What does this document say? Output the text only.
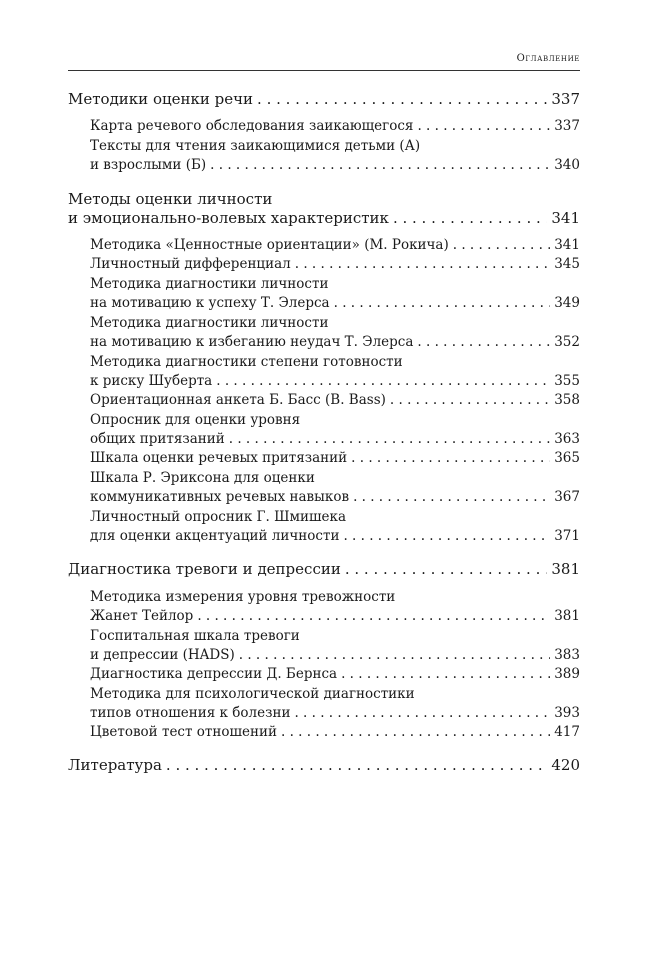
Оглавление
Методики оценки речи . . .	337
Карта речевого обследования заикающегося . . .	337
Тексты для чтения заикающимися детьми (А)
и взрослыми (Б) . . .	340
Методы оценки личности
и эмоционально-волевых характеристик . . .	341
Методика «Ценностные ориентации» (М. Рокича) . . .	341
Личностный дифференциал . . .	345
Методика диагностики личности
на мотивацию к успеху Т. Элерса . . .	349
Методика диагностики личности
на мотивацию к избеганию неудач Т. Элерса . . .	352
Методика диагностики степени готовности
к риску Шуберта . . .	355
Ориентационная анкета Б. Басс (B. Bass) . . .	358
Опросник для оценки уровня
общих притязаний . . .	363
Шкала оценки речевых притязаний . . .	365
Шкала Р. Эриксона для оценки
коммуникативных речевых навыков . . .	367
Личностный опросник Г. Шмишека
для оценки акцентуаций личности . . .	371
Диагностика тревоги и депрессии . . .	381
Методика измерения уровня тревожности
Жанет Тейлор . . .	381
Госпитальная шкала тревоги
и депрессии (HADS) . . .	383
Диагностика депрессии Д. Бернса . . .	389
Методика для психологической диагностики
типов отношения к болезни . . .	393
Цветовой тест отношений . . .	417
Литература . . .	420
